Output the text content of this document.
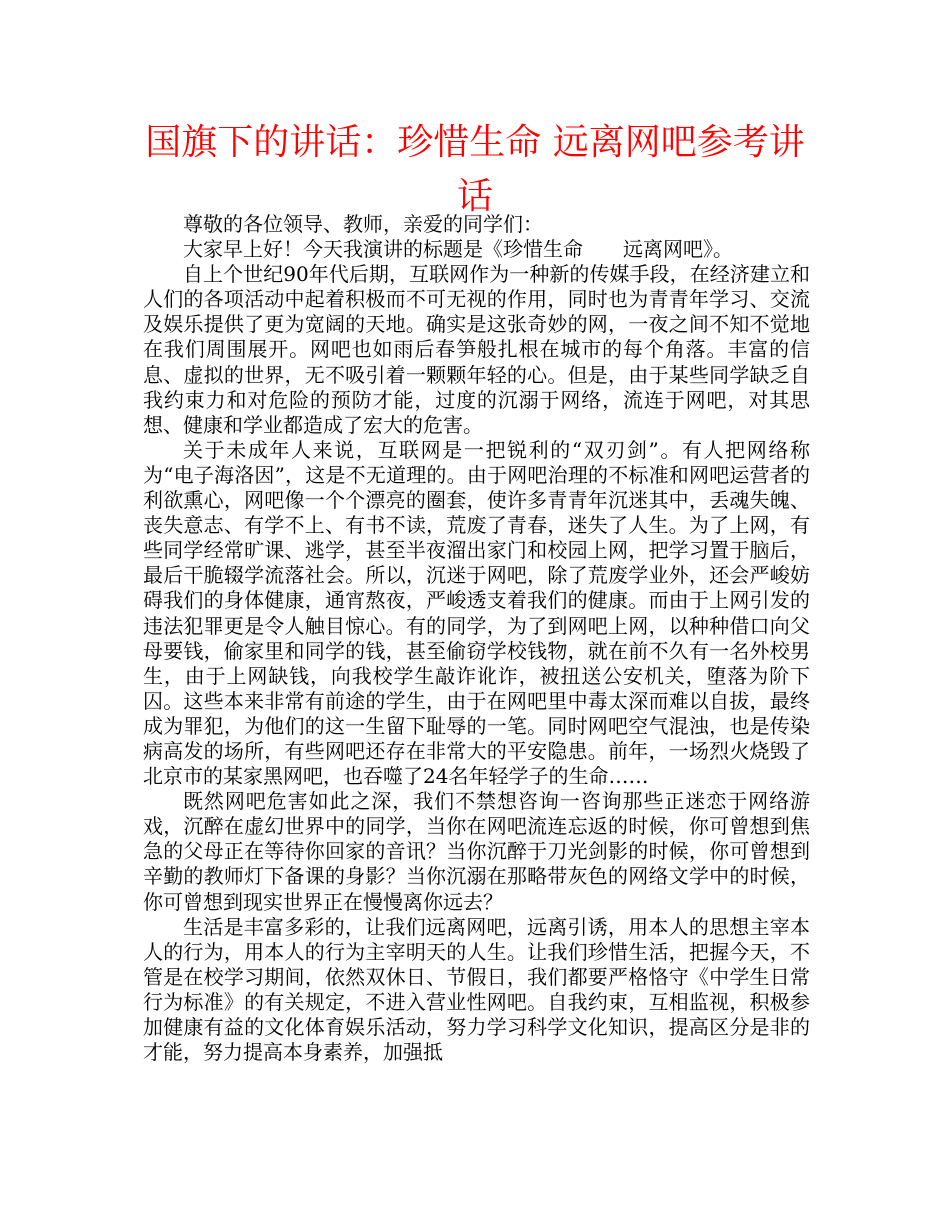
国旗下的讲话：珍惜生命 远离网吧参考讲话

尊敬的各位领导、教师，亲爱的同学们：

大家早上好！今天我演讲的标题是《珍惜生命　　远离网吧》。

自上个世纪90年代后期，互联网作为一种新的传媒手段，在经济建立和人们的各项活动中起着积极而不可无视的作用，同时也为青青年学习、交流及娱乐提供了更为宽阔的天地。确实是这张奇妙的网，一夜之间不知不觉地在我们周围展开。网吧也如雨后春笋般扎根在城市的每个角落。丰富的信息、虚拟的世界，无不吸引着一颗颗年轻的心。但是，由于某些同学缺乏自我约束力和对危险的预防才能，过度的沉溺于网络，流连于网吧，对其思想、健康和学业都造成了宏大的危害。

关于未成年人来说，互联网是一把锐利的“双刃剑”。有人把网络称为“电子海洛因”，这是不无道理的。由于网吧治理的不标准和网吧运营者的利欲熏心，网吧像一个个漂亮的圈套，使许多青青年沉迷其中，丢魂失魄、丧失意志、有学不上、有书不读，荒废了青春，迷失了人生。为了上网，有些同学经常旷课、逃学，甚至半夜溜出家门和校园上网，把学习置于脑后，最后干脆辍学流落社会。所以，沉迷于网吧，除了荒废学业外，还会严峻妨碍我们的身体健康，通宵熬夜，严峻透支着我们的健康。而由于上网引发的违法犯罪更是令人触目惊心。有的同学，为了到网吧上网，以种种借口向父母要钱，偷家里和同学的钱，甚至偷窃学校钱物，就在前不久有一名外校男生，由于上网缺钱，向我校学生敲诈讹诈，被扭送公安机关，堕落为阶下囚。这些本来非常有前途的学生，由于在网吧里中毒太深而难以自拔，最终成为罪犯，为他们的这一生留下耻辱的一笔。同时网吧空气混浊，也是传染病高发的场所，有些网吧还存在非常大的平安隐患。前年，一场烈火烧毁了北京市的某家黑网吧，也吞噬了24名年轻学子的生命……

既然网吧危害如此之深，我们不禁想咨询一咨询那些正迷恋于网络游戏，沉醉在虚幻世界中的同学，当你在网吧流连忘返的时候，你可曾想到焦急的父母正在等待你回家的音讯？当你沉醉于刀光剑影的时候，你可曾想到辛勤的教师灯下备课的身影？当你沉溺在那略带灰色的网络文学中的时候，你可曾想到现实世界正在慢慢离你远去？

生活是丰富多彩的，让我们远离网吧，远离引诱，用本人的思想主宰本人的行为，用本人的行为主宰明天的人生。让我们珍惜生活，把握今天，不管是在校学习期间，依然双休日、节假日，我们都要严格恪守《中学生日常行为标准》的有关规定，不进入营业性网吧。自我约束，互相监视，积极参加健康有益的文化体育娱乐活动，努力学习科学文化知识，提高区分是非的才能，努力提高本身素养，加强抵
